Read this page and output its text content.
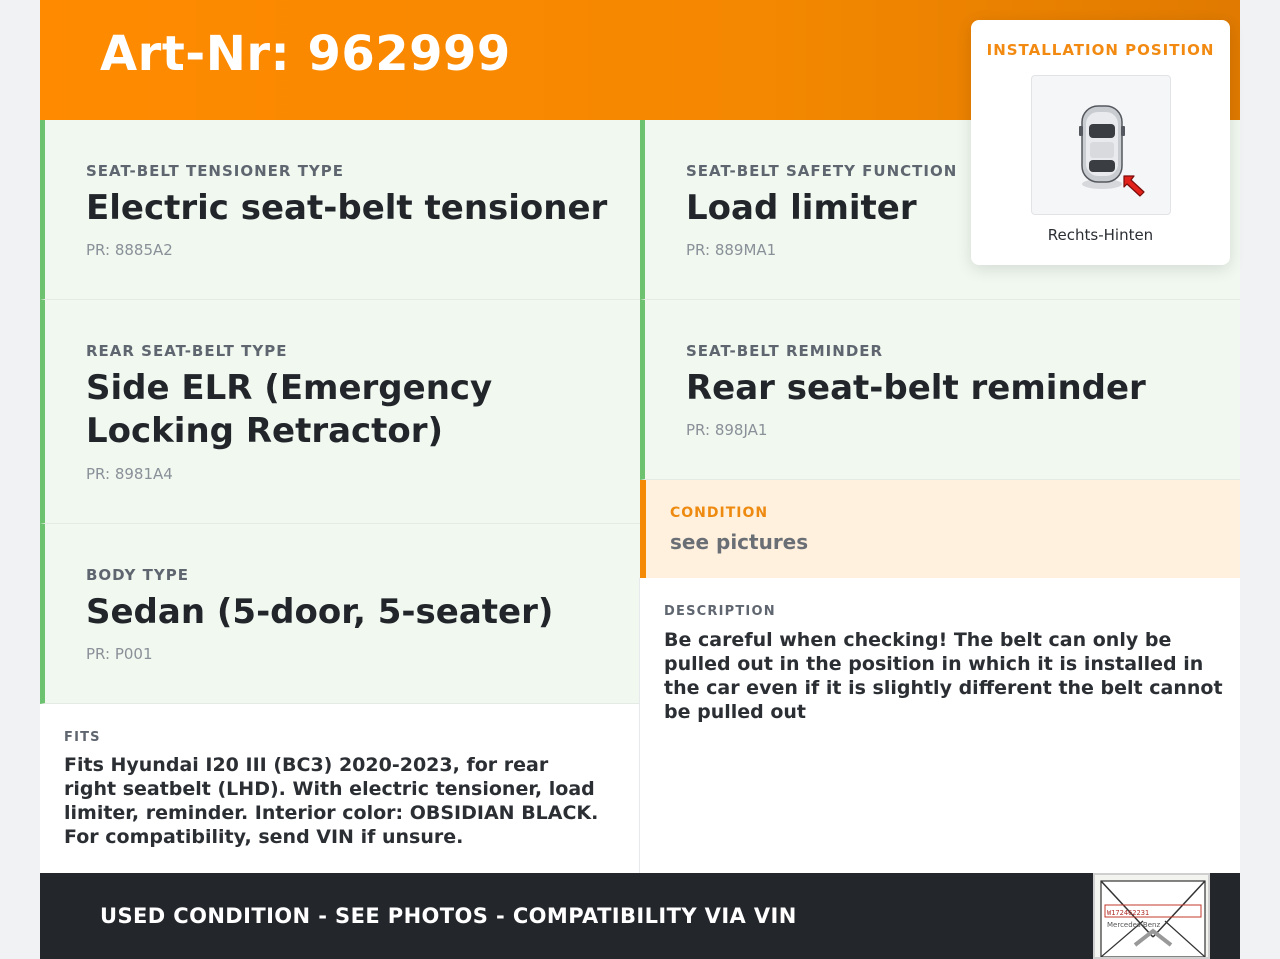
Art-Nr: 962999
SEAT-BELT TENSIONER TYPE
Electric seat-belt tensioner
PR: 8885A2
SEAT-BELT SAFETY FUNCTION
Load limiter
PR: 889MA1
REAR SEAT-BELT TYPE
Side ELR (Emergency Locking Retractor)
PR: 8981A4
SEAT-BELT REMINDER
Rear seat-belt reminder
PR: 898JA1
BODY TYPE
Sedan (5-door, 5-seater)
PR: P001
CONDITION
see pictures
DESCRIPTION
Be careful when checking! The belt can only be pulled out in the position in which it is installed in the car even if it is slightly different the belt cannot be pulled out
FITS
Fits Hyundai I20 III (BC3) 2020-2023, for rear right seatbelt (LHD). With electric tensioner, load limiter, reminder. Interior color: OBSIDIAN BLACK. For compatibility, send VIN if unsure.
USED CONDITION - SEE PHOTOS - COMPATIBILITY VIA VIN	W172462231
Mercedes-Benz
INSTALLATION POSITION
Rechts-Hinten
